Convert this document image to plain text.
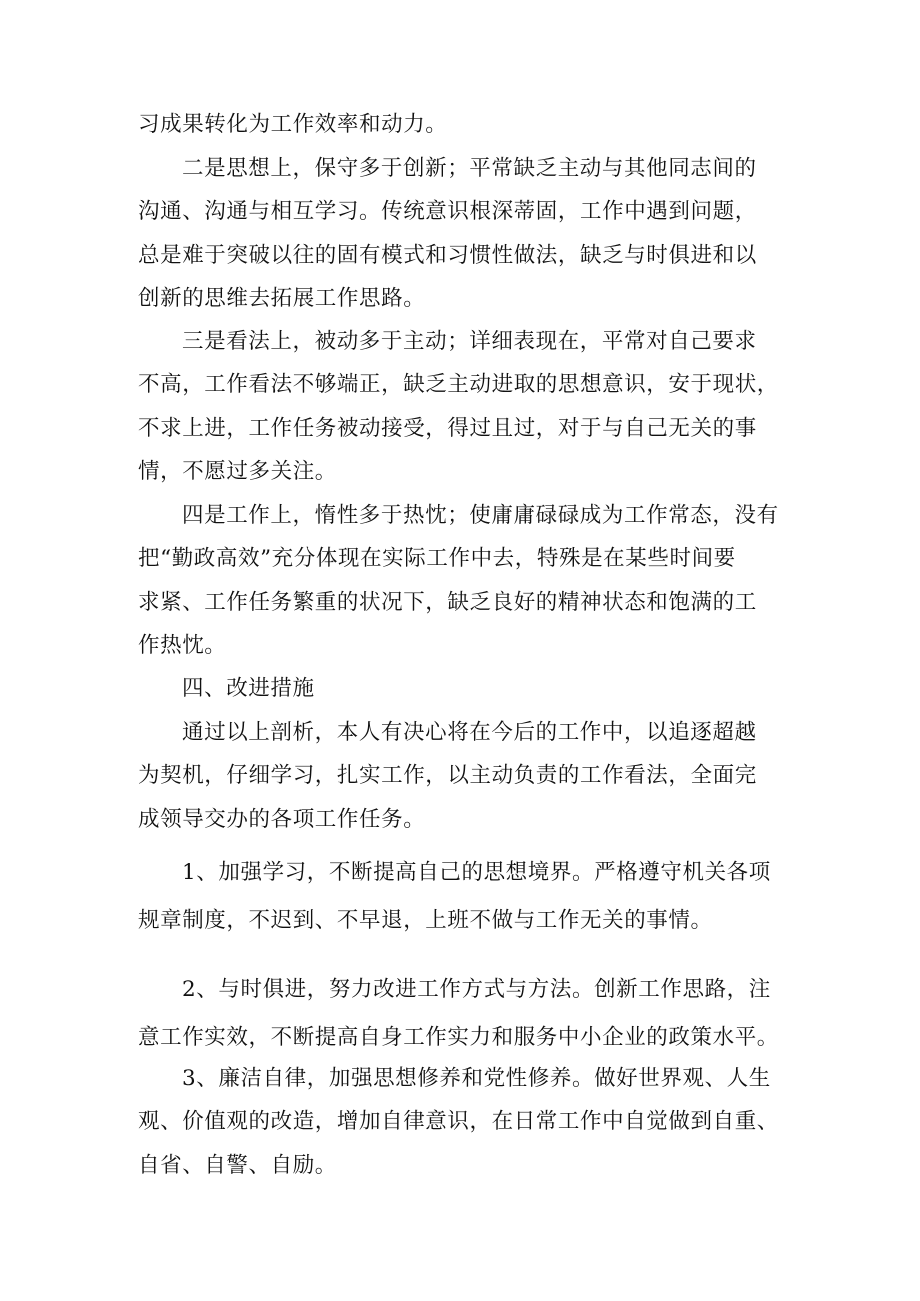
习成果转化为工作效率和动力。

二是思想上，保守多于创新；平常缺乏主动与其他同志间的
沟通、沟通与相互学习。传统意识根深蒂固，工作中遇到问题，
总是难于突破以往的固有模式和习惯性做法，缺乏与时俱进和以
创新的思维去拓展工作思路。

三是看法上，被动多于主动；详细表现在，平常对自己要求
不高，工作看法不够端正，缺乏主动进取的思想意识，安于现状，
不求上进，工作任务被动接受，得过且过，对于与自己无关的事
情，不愿过多关注。

四是工作上，惰性多于热忱；使庸庸碌碌成为工作常态，没有
把“勤政高效”充分体现在实际工作中去，特殊是在某些时间要
求紧、工作任务繁重的状况下，缺乏良好的精神状态和饱满的工
作热忱。

四、改进措施

通过以上剖析，本人有决心将在今后的工作中，以追逐超越
为契机，仔细学习，扎实工作，以主动负责的工作看法，全面完
成领导交办的各项工作任务。

1、加强学习，不断提高自己的思想境界。严格遵守机关各项
规章制度，不迟到、不早退，上班不做与工作无关的事情。

2、与时俱进，努力改进工作方式与方法。创新工作思路，注
意工作实效，不断提高自身工作实力和服务中小企业的政策水平。

3、廉洁自律，加强思想修养和党性修养。做好世界观、人生
观、价值观的改造，增加自律意识，在日常工作中自觉做到自重、
自省、自警、自励。
